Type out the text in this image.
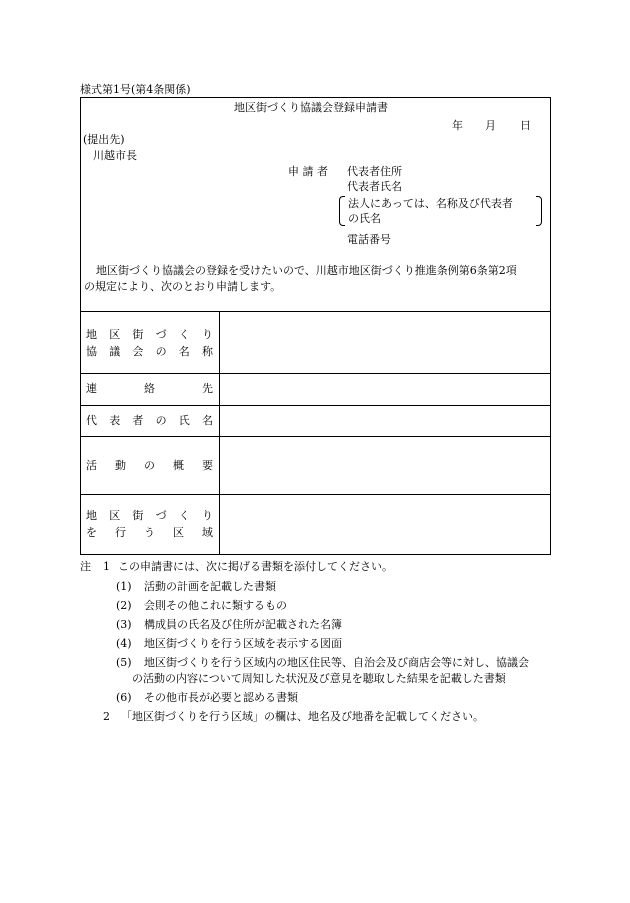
様式第1号(第4条関係)
地区街づくり協議会登録申請書
年 月 日
(提出先)
川越市長
申 請 者 代表者住所
代表者氏名
法人にあっては、名称及び代表者
の氏名
電話番号
地区街づくり協議会の登録を受けたいので、川越市地区街づくり推進条例第6条第2項
の規定により、次のとおり申請します。
地 区 街 づ く り
協 議 会 の 名 称
連	絡	先
代 表 者 の 氏 名
活 動 の 概 要
地 区 街 づ く り
を 行 う 区 域
注 1 この申請書には、次に掲げる書類を添付してください。
(1) 活動の計画を記載した書類
(2) 会則その他これに類するもの
(3) 構成員の氏名及び住所が記載された名簿
(4) 地区街づくりを行う区域を表示する図面
(5) 地区街づくりを行う区域内の地区住民等、自治会及び商店会等に対し、協議会
の活動の内容について周知した状況及び意見を聴取した結果を記載した書類
(6) その他市長が必要と認める書類
2 「地区街づくりを行う区域」の欄は、地名及び地番を記載してください。
